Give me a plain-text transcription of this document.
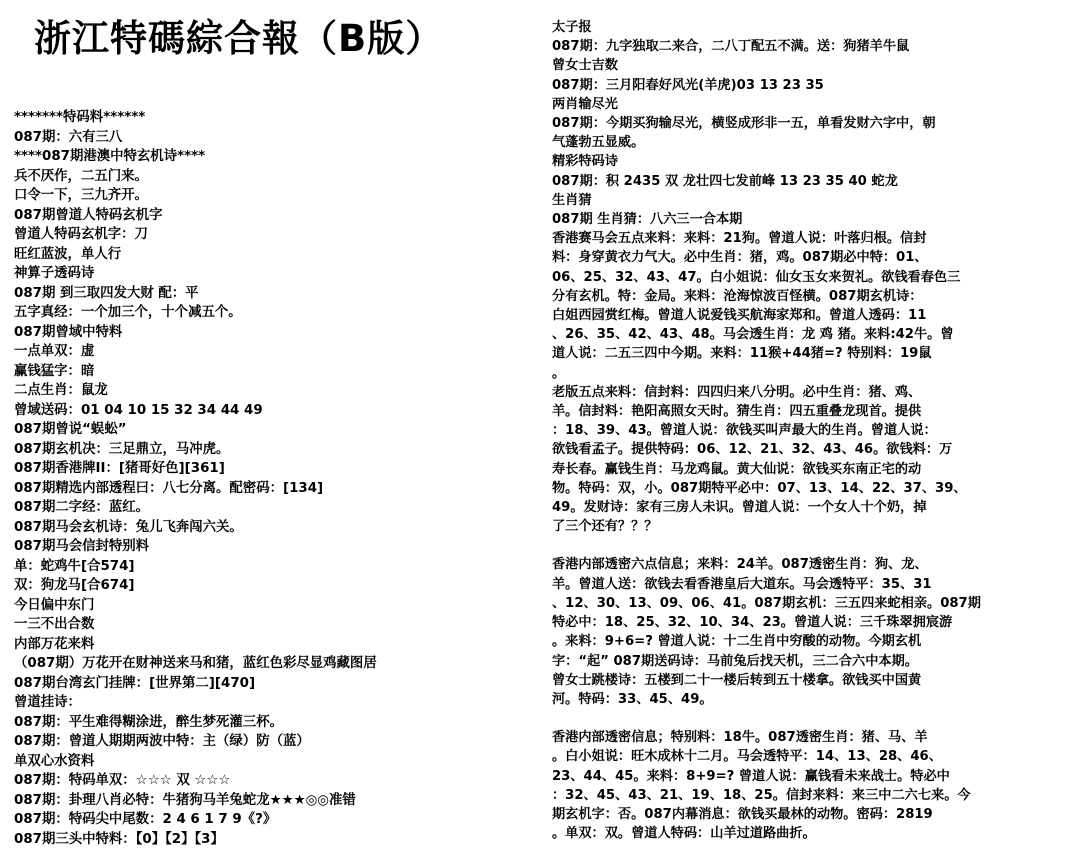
浙江特碼綜合報（B版）
*******特码料******
087期：六有三八
****087期港澳中特玄机诗****
兵不厌作，二五门来。
口令一下，三九齐开。
087期曾道人特码玄机字
曾道人特码玄机字：刀
旺红蓝波，单人行
神算子透码诗
087期 到三取四发大财 配：平
五字真经：一个加三个，十个减五个。
087期曾域中特料
一点单双：虚
赢钱猛字：暗
二点生肖：鼠龙
曾域送码：01 04 10 15 32 34 44 49
087期曾说“蜈蚣”
087期玄机决：三足鼎立，马冲虎。
087期香港牌II：[猪哥好色][361]
087期精选内部透程曰：八七分离。配密码：[134]
087期二字经：蓝红。
087期马会玄机诗：兔儿飞奔闯六关。
087期马会信封特别料
单：蛇鸡牛[合574]
双：狗龙马[合674]
今日偏中东门
一三不出合数
内部万花来料
（087期）万花开在财神送来马和猪，蓝红色彩尽显鸡藏图居
087期台湾玄门挂牌：[世界第二][470]
曾道挂诗：
087期：平生难得糊涂进，醉生梦死灌三杯。
087期：曾道人期期两波中特：主（绿）防（蓝）
单双心水资料
087期：特码单双：☆☆☆ 双 ☆☆☆
087期：卦理八肖必特：牛猪狗马羊兔蛇龙★★★◎◎准错
087期：特码尖中尾数：2 4 6 1 7 9《?》
087期三头中特料：【0】【2】【3】
太子报
087期：九字独取二来合，二八丁配五不满。送：狗猪羊牛鼠
曾女士吉数
087期：三月阳春好风光(羊虎)03 13 23 35
两肖输尽光
087期：今期买狗输尽光，横竖成形非一五，单看发财六字中，朝
气蓬勃五显威。
精彩特码诗
087期：积 2435 双 龙壮四七发前峰 13 23 35 40 蛇龙
生肖猜
087期 生肖猜：八六三一合本期
香港赛马会五点来料：来料：21狗。曾道人说：叶落归根。信封
料：身穿黄衣力气大。必中生肖：猪，鸡。087期必中特：01、
06、25、32、43、47。白小姐说：仙女玉女来贺礼。欲钱看春色三
分有玄机。特：金局。来料：沧海惊波百怪横。087期玄机诗：
白姐西园赏红梅。曾道人说爱钱买航海家郑和。曾道人透码：11
、26、35、42、43、48。马会透生肖：龙 鸡 猪。来料:42牛。曾
道人说：二五三四中今期。来料：11猴+44猪=? 特别料：19鼠
。
老版五点来料：信封料：四四归来八分明。必中生肖：猪、鸡、
羊。信封料：艳阳高照女天时。猜生肖：四五重叠龙现首。提供
：18、39、43。曾道人说：欲钱买叫声最大的生肖。曾道人说：
欲钱看孟子。提供特码：06、12、21、32、43、46。欲钱料：万
寿长春。赢钱生肖：马龙鸡鼠。黄大仙说：欲钱买东南正宅的动
物。特码：双，小。087期特平必中：07、13、14、22、37、39、
49。发财诗：家有三房人未识。曾道人说：一个女人十个奶，掉
了三个还有？？？
香港内部透密六点信息；来料：24羊。087透密生肖：狗、龙、
羊。曾道人送：欲钱去看香港皇后大道东。马会透特平：35、31
、12、30、13、09、06、41。087期玄机：三五四来蛇相亲。087期
特必中：18、25、32、10、34、23。曾道人说：三千珠翠拥宸游
。来料：9+6=? 曾道人说：十二生肖中穷酸的动物。今期玄机
字：“起” 087期送码诗：马前兔后找天机，三二合六中本期。
曾女士跳楼诗：五楼到二十一楼后转到五十楼拿。欲钱买中国黄
河。特码：33、45、49。
香港内部透密信息；特别料：18牛。087透密生肖：猪、马、羊
。白小姐说：旺木成林十二月。马会透特平：14、13、28、46、
23、44、45。来料：8+9=? 曾道人说：赢钱看未来战士。特必中
：32、45、43、21、19、18、25。信封来料：来三中二六七来。今
期玄机字：否。087内幕消息：欲钱买最林的动物。密码：2819
。单双：双。曾道人特码：山羊过道路曲折。
